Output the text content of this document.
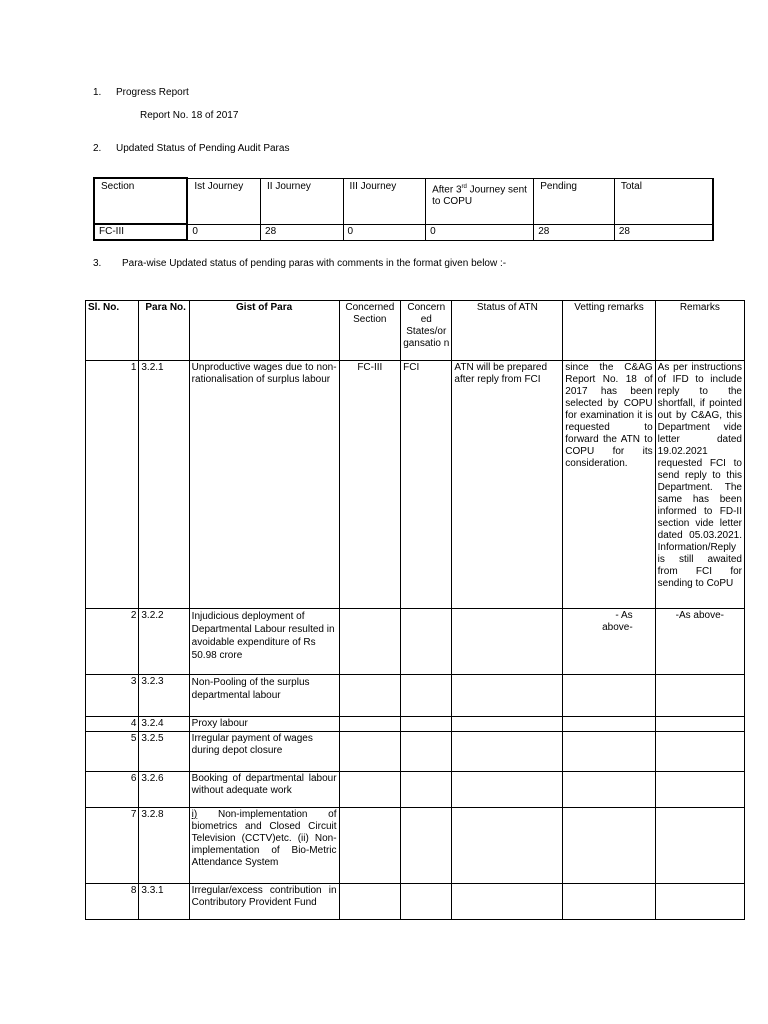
1. Progress Report
Report No. 18 of 2017
2. Updated Status of Pending Audit Paras
Section	Ist Journey	II Journey	III Journey	After 3rd Journey sent to COPU	Pending	Total
FC-III	0	28	0	0	28	28
3. Para-wise Updated status of pending paras with comments in the format given below :-
Sl. No.	Para No.	Gist of Para	Concerned Section	Concern ed States/or gansatio n	Status of ATN	Vetting remarks	Remarks
1	3.2.1	Unproductive wages due to non-rationalisation of surplus labour	FC-III	FCI	ATN will be prepared after reply from FCI	since the C&AG Report No. 18 of 2017 has been selected by COPU for examination it is requested to forward the ATN to COPU for its consideration.	As per instructions of IFD to include reply to the shortfall, if pointed out by C&AG, this Department vide letter dated 19.02.2021 requested FCI to send reply to this Department. The same has been informed to FD-II section vide letter dated 05.03.2021. Information/Reply is still awaited from FCI for sending to CoPU
2	3.2.2	Injudicious deployment of Departmental Labour resulted in avoidable expenditure of Rs 50.98 crore				- As above-	-As above-
3	3.2.3	Non-Pooling of the surplus departmental labour					
4	3.2.4	Proxy labour					
5	3.2.5	Irregular payment of wages during depot closure					
6	3.2.6	Booking of departmental labour without adequate work					
7	3.2.8	i) Non-implementation of biometrics and Closed Circuit Television (CCTV)etc. (ii) Non-implementation of Bio-Metric Attendance System					
8	3.3.1	Irregular/excess contribution in Contributory Provident Fund					
